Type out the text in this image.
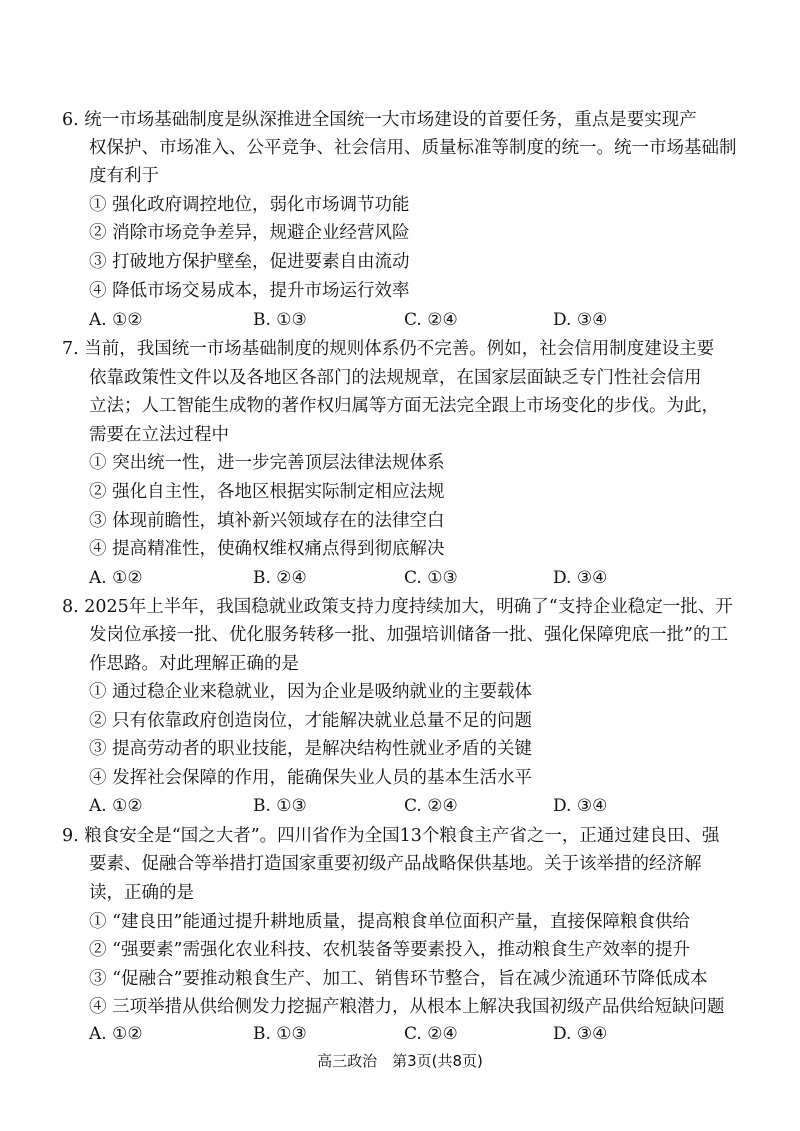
6. 统一市场基础制度是纵深推进全国统一大市场建设的首要任务，重点是要实现产
权保护、市场准入、公平竞争、社会信用、质量标准等制度的统一。统一市场基础制
度有利于
① 强化政府调控地位，弱化市场调节功能
② 消除市场竞争差异，规避企业经营风险
③ 打破地方保护壁垒，促进要素自由流动
④ 降低市场交易成本，提升市场运行效率
A. ①②	B. ①③	C. ②④	D. ③④
7. 当前，我国统一市场基础制度的规则体系仍不完善。例如，社会信用制度建设主要
依靠政策性文件以及各地区各部门的法规规章，在国家层面缺乏专门性社会信用
立法；人工智能生成物的著作权归属等方面无法完全跟上市场变化的步伐。为此，
需要在立法过程中
① 突出统一性，进一步完善顶层法律法规体系
② 强化自主性，各地区根据实际制定相应法规
③ 体现前瞻性，填补新兴领域存在的法律空白
④ 提高精准性，使确权维权痛点得到彻底解决
A. ①②	B. ②④	C. ①③	D. ③④
8. 2025年上半年，我国稳就业政策支持力度持续加大，明确了“支持企业稳定一批、开
发岗位承接一批、优化服务转移一批、加强培训储备一批、强化保障兜底一批”的工
作思路。对此理解正确的是
① 通过稳企业来稳就业，因为企业是吸纳就业的主要载体
② 只有依靠政府创造岗位，才能解决就业总量不足的问题
③ 提高劳动者的职业技能，是解决结构性就业矛盾的关键
④ 发挥社会保障的作用，能确保失业人员的基本生活水平
A. ①②	B. ①③	C. ②④	D. ③④
9. 粮食安全是“国之大者”。四川省作为全国13个粮食主产省之一，正通过建良田、强
要素、促融合等举措打造国家重要初级产品战略保供基地。关于该举措的经济解
读，正确的是
① “建良田”能通过提升耕地质量，提高粮食单位面积产量，直接保障粮食供给
② “强要素”需强化农业科技、农机装备等要素投入，推动粮食生产效率的提升
③ “促融合”要推动粮食生产、加工、销售环节整合，旨在减少流通环节降低成本
④ 三项举措从供给侧发力挖掘产粮潜力，从根本上解决我国初级产品供给短缺问题
A. ①②	B. ①③	C. ②④	D. ③④
高三政治　第3页(共8页)
